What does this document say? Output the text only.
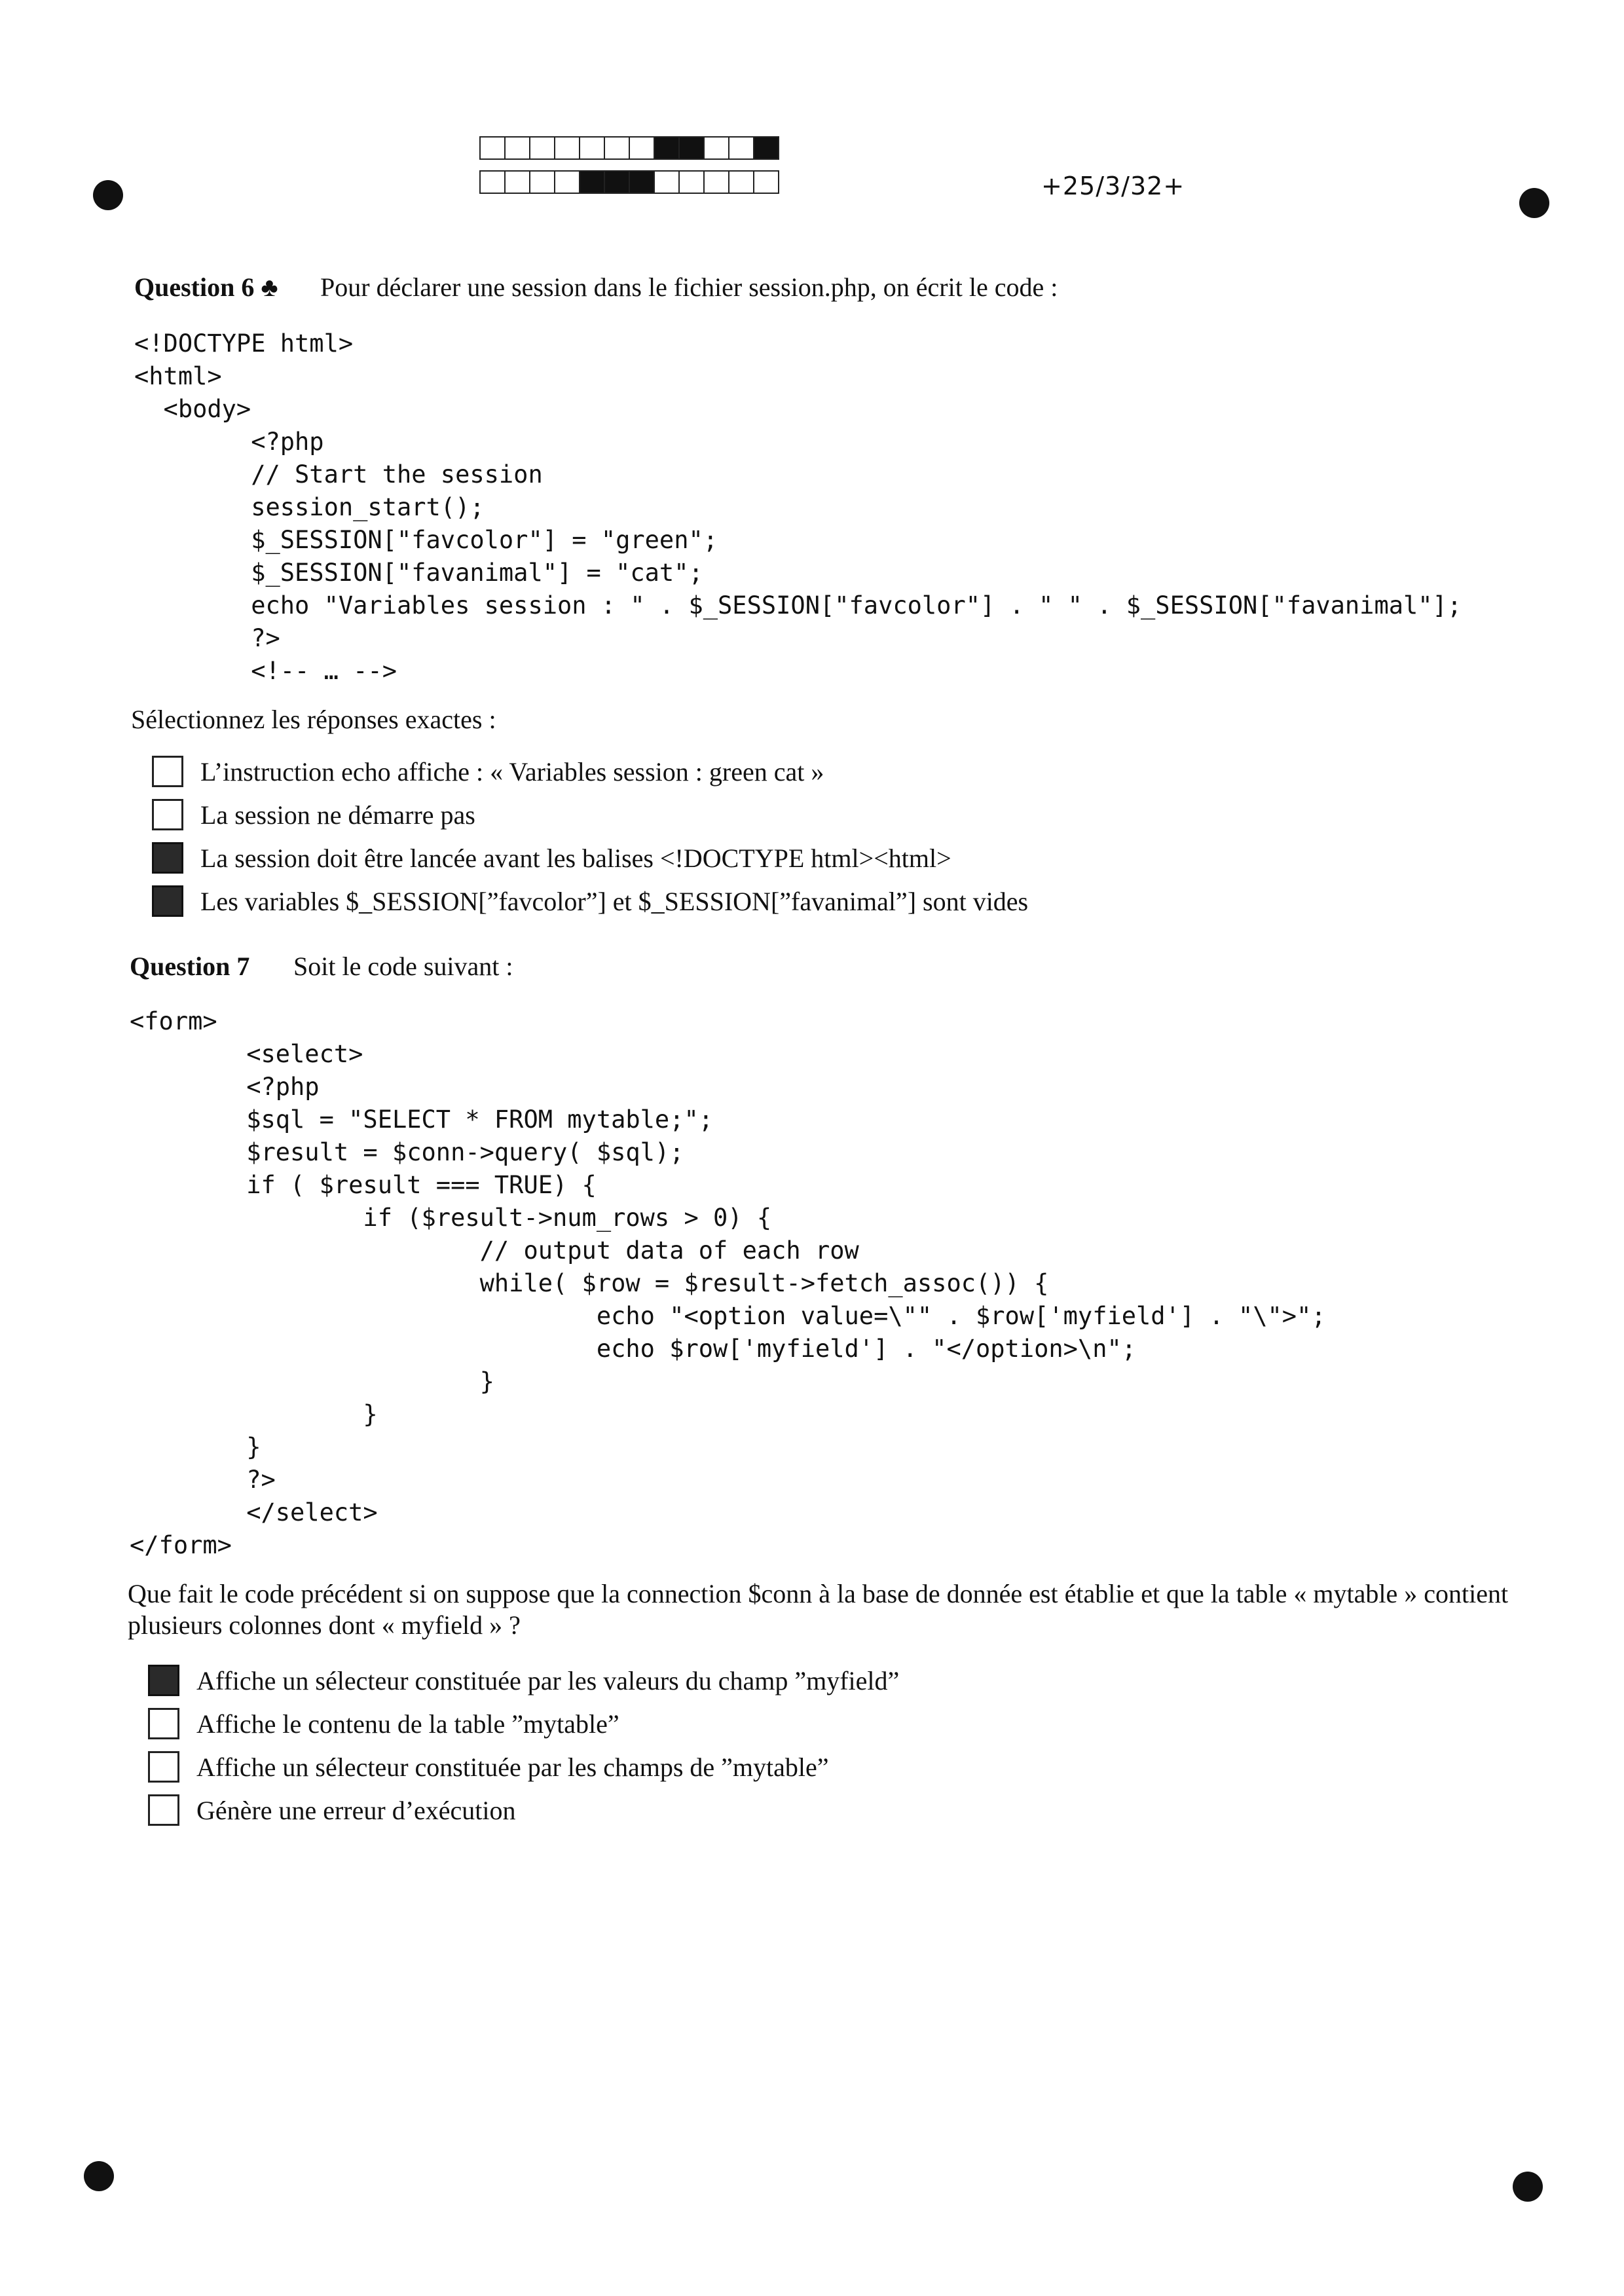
+25/3/32+
Question 6 ♣ Pour déclarer une session dans le fichier session.php, on écrit le code :
<!DOCTYPE html>
<html>
<body>
<?php
// Start the session
session_start();
$_SESSION["favcolor"] = "green";
$_SESSION["favanimal"] = "cat";
echo "Variables session : " . $_SESSION["favcolor"] . " " . $_SESSION["favanimal"];
?>
<!-- … -->
Sélectionnez les réponses exactes :
L’instruction echo affiche : « Variables session : green cat »
La session ne démarre pas
La session doit être lancée avant les balises <!DOCTYPE html><html>
Les variables $_SESSION[”favcolor”] et $_SESSION[”favanimal”] sont vides
Question 7 Soit le code suivant :
<form>
<select>
<?php
$sql = "SELECT * FROM mytable;";
$result = $conn->query( $sql);
if ( $result === TRUE) {
if ($result->num_rows > 0) {
// output data of each row
while( $row = $result->fetch_assoc()) {
echo "<option value=\"" . $row['myfield'] . "\">";
echo $row['myfield'] . "</option>\n";
}
}
}
?>
</select>
</form>
Que fait le code précédent si on suppose que la connection $conn à la base de donnée est établie et que la table « mytable » contient plusieurs colonnes dont « myfield » ?
Affiche un sélecteur constituée par les valeurs du champ ”myfield”
Affiche le contenu de la table ”mytable”
Affiche un sélecteur constituée par les champs de ”mytable”
Génère une erreur d’exécution
